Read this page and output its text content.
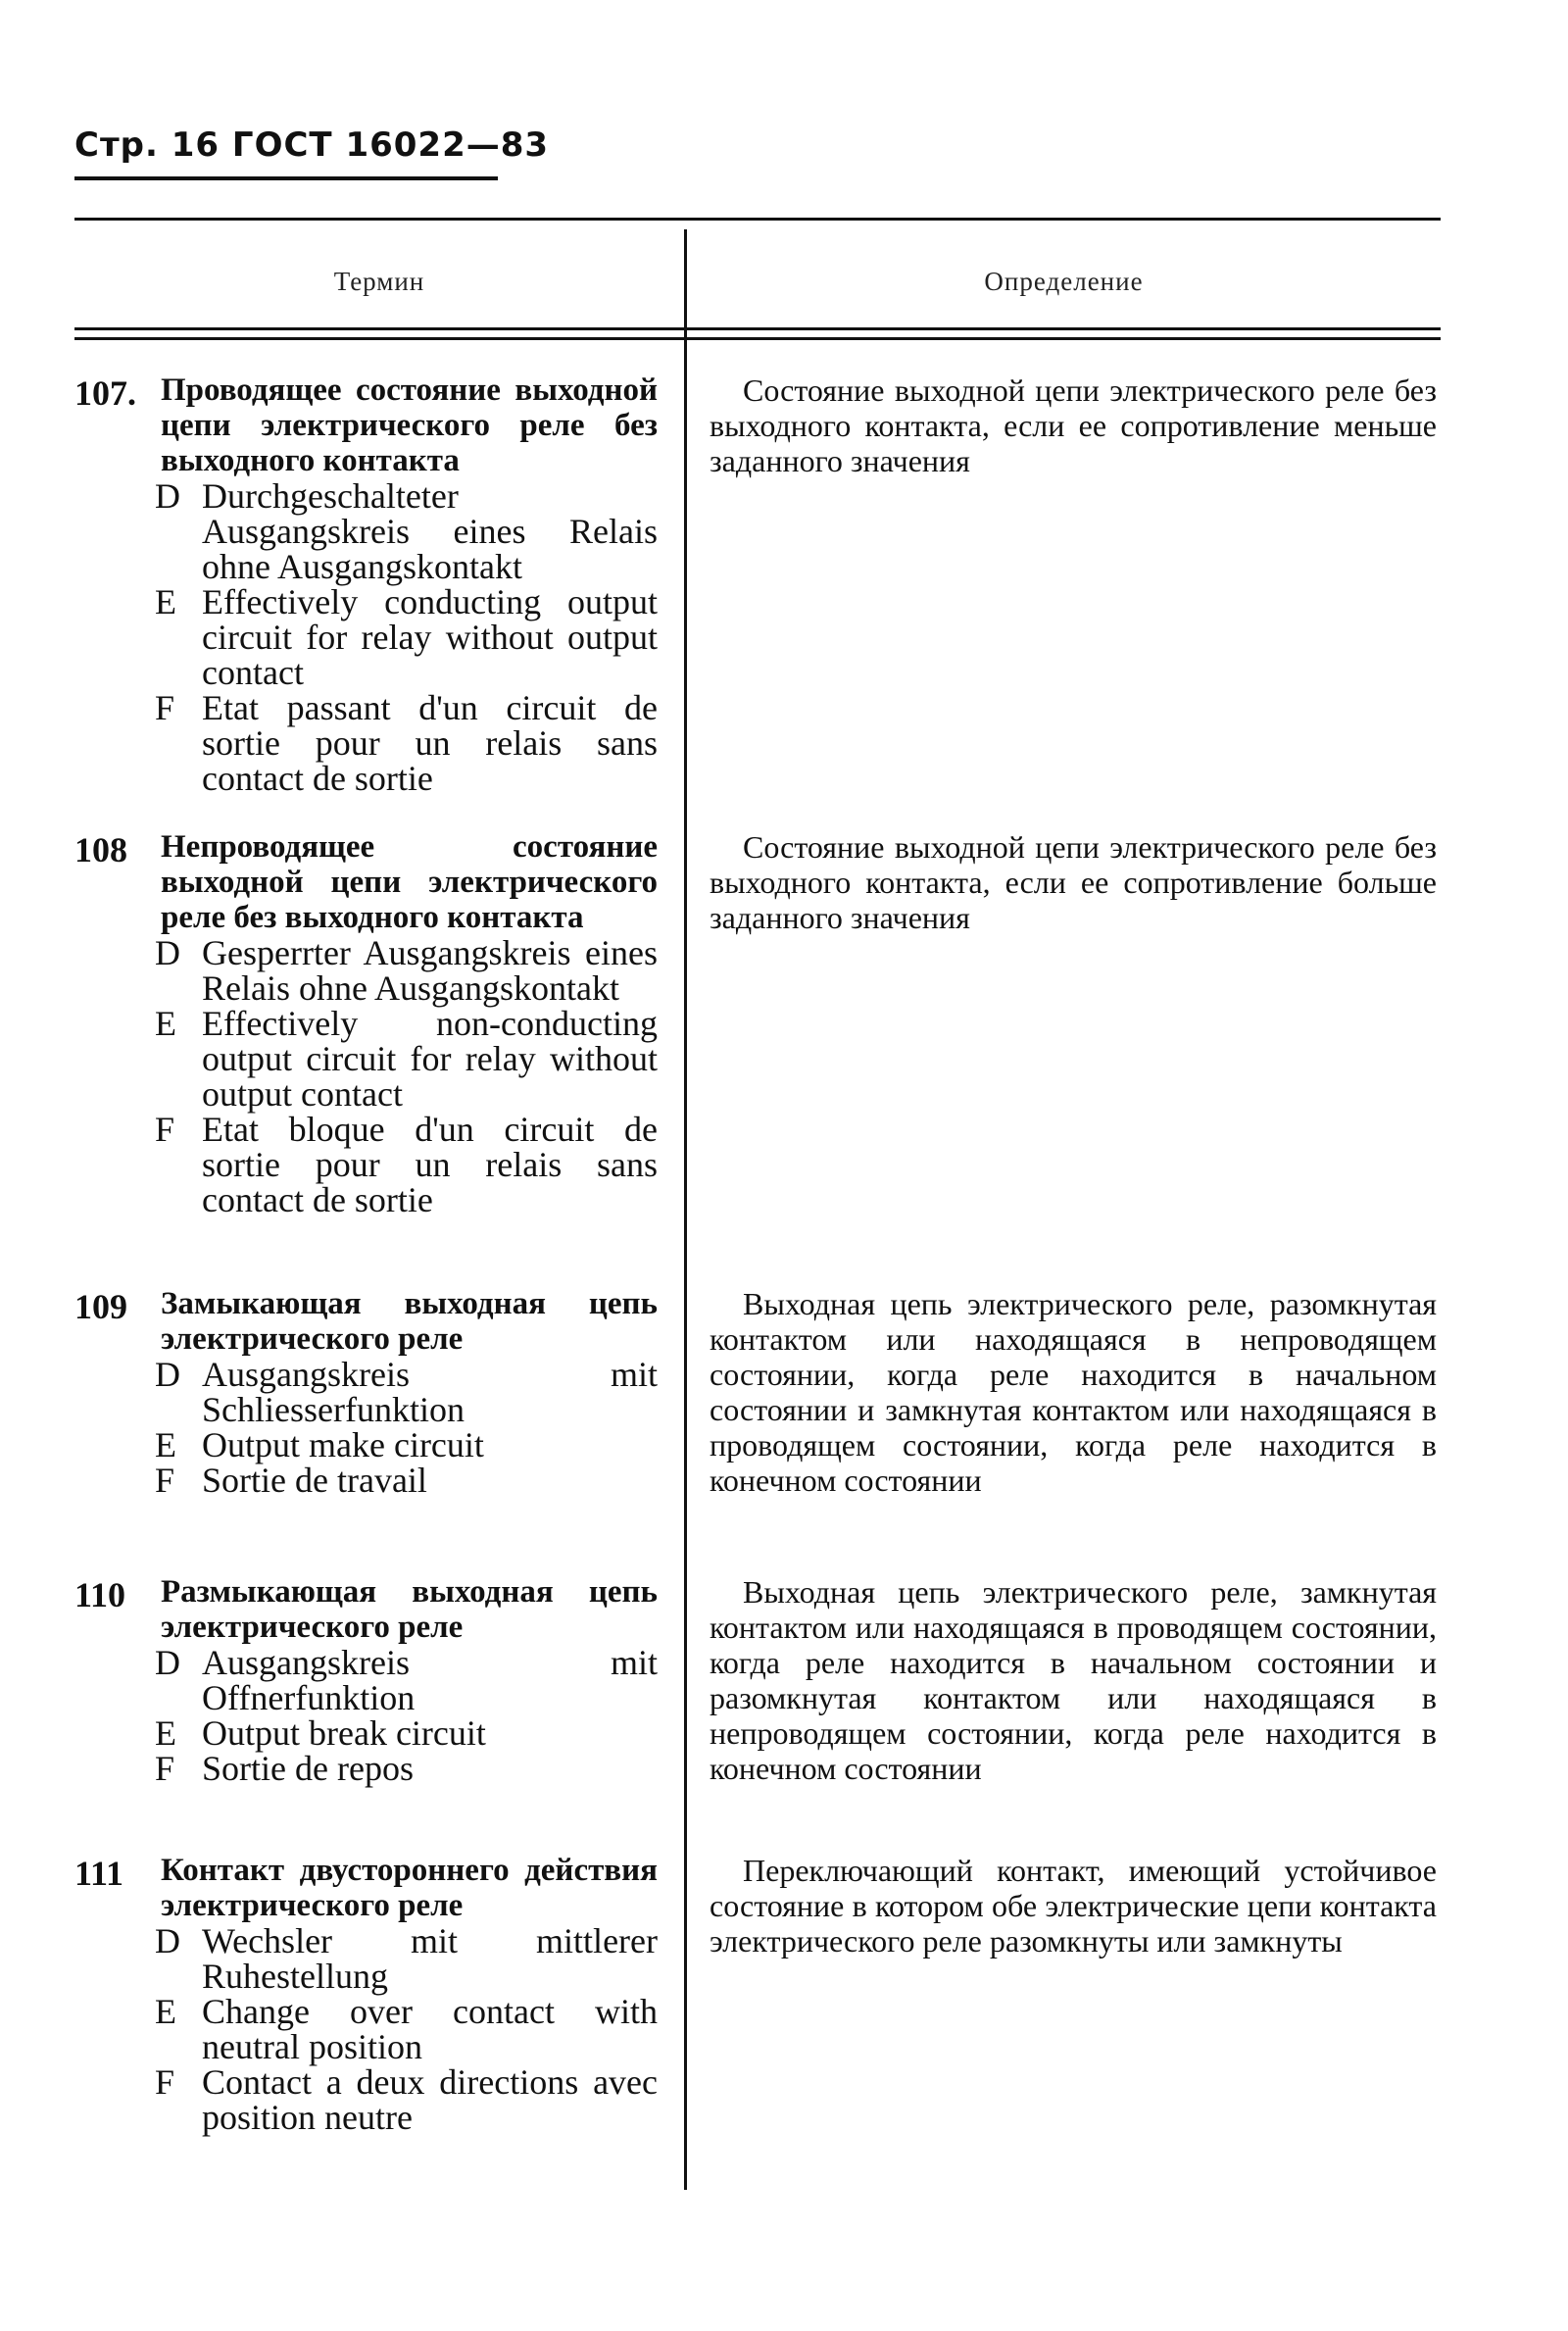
Стр. 16 ГОСТ 16022—83
Термин	Определение
107. Проводящее состояние выходной цепи электрического реле без выходного контакта
D Durchgeschalteter Ausgangskreis eines Relais ohne Ausgangskontakt
E Effectively conducting output circuit for relay without output contact
F Etat passant d'un circuit de sortie pour un relais sans contact de sortie
Состояние выходной цепи электрического реле без выходного контакта, если ее сопротивление меньше заданного значения
108 Непроводящее состояние выходной цепи электрического реле без выходного контакта
D Gesperrter Ausgangskreis eines Relais ohne Ausgangskontakt
E Effectively non-conducting output circuit for relay without output contact
F Etat bloque d'un circuit de sortie pour un relais sans contact de sortie
Состояние выходной цепи электрического реле без выходного контакта, если ее сопротивление больше заданного значения
109 Замыкающая выходная цепь электрического реле
D Ausgangskreis mit Schliesserfunktion
E Output make circuit
F Sortie de travail
Выходная цепь электрического реле, разомкнутая контактом или находящаяся в непроводящем состоянии, когда реле находится в начальном состоянии и замкнутая контактом или находящаяся в проводящем состоянии, когда реле находится в конечном состоянии
110 Размыкающая выходная цепь электрического реле
D Ausgangskreis mit Offnerfunktion
E Output break circuit
F Sortie de repos
Выходная цепь электрического реле, замкнутая контактом или находящаяся в проводящем состоянии, когда реле находится в начальном состоянии и разомкнутая контактом или находящаяся в непроводящем состоянии, когда реле находится в конечном состоянии
111 Контакт двустороннего действия электрического реле
D Wechsler mit mittlerer Ruhestellung
E Change over contact with neutral position
F Contact a deux directions avec position neutre
Переключающий контакт, имеющий устойчивое состояние в котором обе электрические цепи контакта электрического реле разомкнуты или замкнуты
